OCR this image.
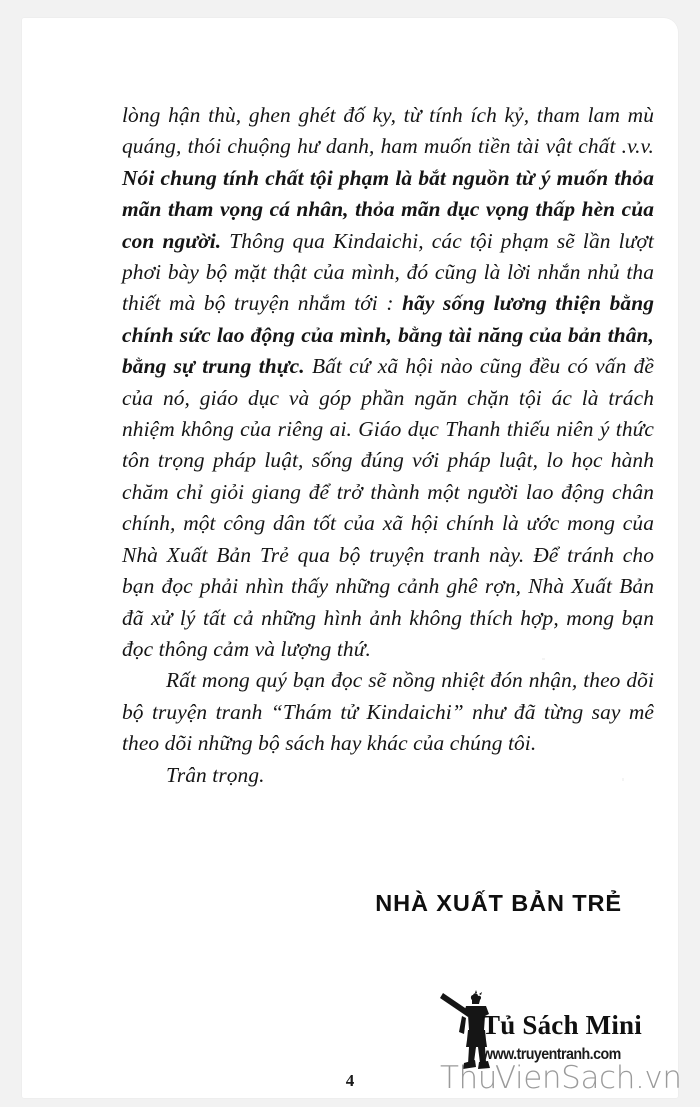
lòng hận thù, ghen ghét đố ky, từ tính ích kỷ, tham lam mù quáng, thói chuộng hư danh, ham muốn tiền tài vật chất .v.v. Nói chung tính chất tội phạm là bắt nguồn từ ý muốn thỏa mãn tham vọng cá nhân, thỏa mãn dục vọng thấp hèn của con người. Thông qua Kindaichi, các tội phạm sẽ lần lượt phơi bày bộ mặt thật của mình, đó cũng là lời nhắn nhủ tha thiết mà bộ truyện nhắm tới : hãy sống lương thiện bằng chính sức lao động của mình, bằng tài năng của bản thân, bằng sự trung thực. Bất cứ xã hội nào cũng đều có vấn đề của nó, giáo dục và góp phần ngăn chặn tội ác là trách nhiệm không của riêng ai. Giáo dục Thanh thiếu niên ý thức tôn trọng pháp luật, sống đúng với pháp luật, lo học hành chăm chỉ giỏi giang để trở thành một người lao động chân chính, một công dân tốt của xã hội chính là ước mong của Nhà Xuất Bản Trẻ qua bộ truyện tranh này. Để tránh cho bạn đọc phải nhìn thấy những cảnh ghê rợn, Nhà Xuất Bản đã xử lý tất cả những hình ảnh không thích hợp, mong bạn đọc thông cảm và lượng thứ.

Rất mong quý bạn đọc sẽ nồng nhiệt đón nhận, theo dõi bộ truyện tranh “Thám tử Kindaichi” như đã từng say mê theo dõi những bộ sách hay khác của chúng tôi.

Trân trọng.

NHÀ XUẤT BẢN TRẺ
4
Tủ Sách Mini
www.truyentranh.com
ThuVienSach.vn
